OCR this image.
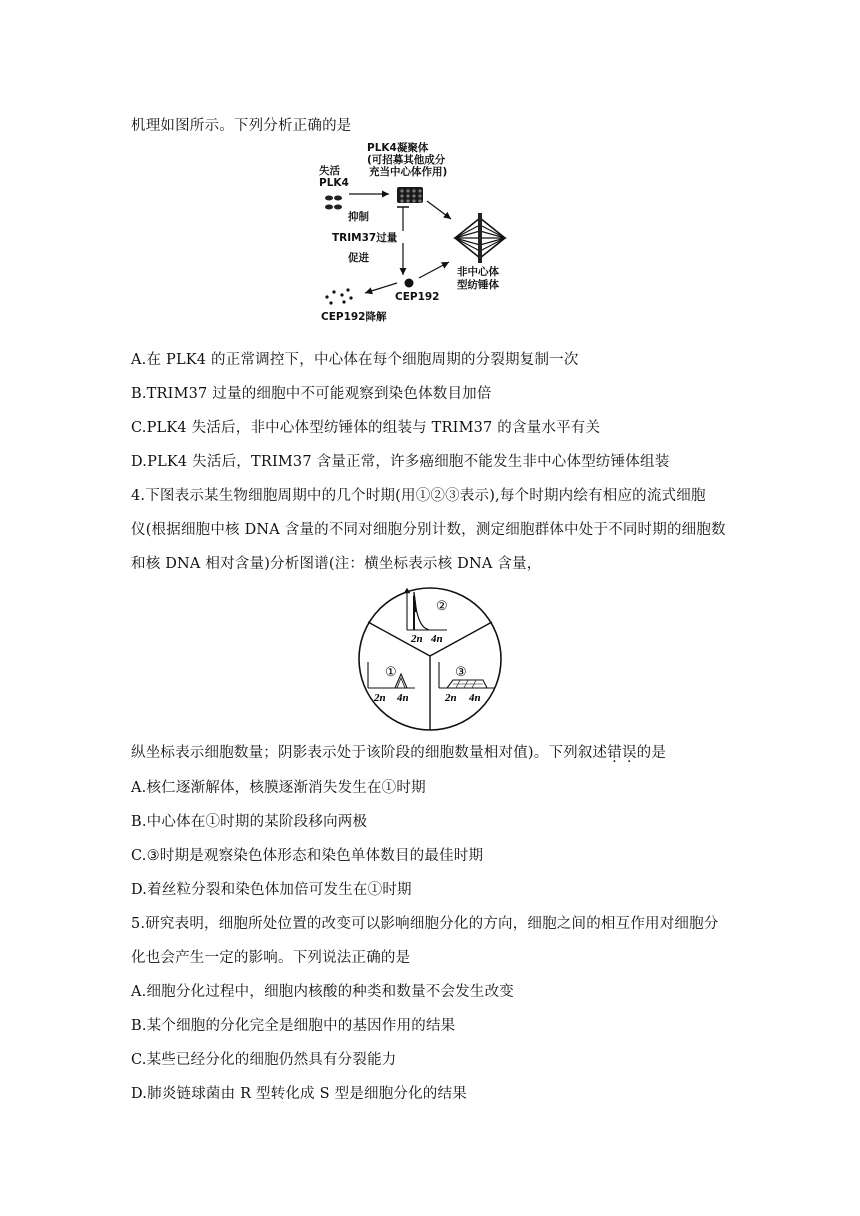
机理如图所示。下列分析正确的是
失活
PLK4
PLK4凝聚体
(可招募其他成分
充当中心体作用)
抑制
TRIM37过量
促进
非中心体
型纺锤体
CEP192
CEP192降解
A.在 PLK4 的正常调控下，中心体在每个细胞周期的分裂期复制一次
B.TRIM37 过量的细胞中不可能观察到染色体数目加倍
C.PLK4 失活后，非中心体型纺锤体的组装与 TRIM37 的含量水平有关
D.PLK4 失活后，TRIM37 含量正常，许多癌细胞不能发生非中心体型纺锤体组装
4.下图表示某生物细胞周期中的几个时期(用①②③表示),每个时期内绘有相应的流式细胞
仪(根据细胞中核 DNA 含量的不同对细胞分别计数，测定细胞群体中处于不同时期的细胞数
和核 DNA 相对含量)分析图谱(注：横坐标表示核 DNA 含量，
②
①	③
2n 4n
2n 4n	2n 4n
纵坐标表示细胞数量；阴影表示处于该阶段的细胞数量相对值)。下列叙述错误的是
A.核仁逐渐解体，核膜逐渐消失发生在①时期
B.中心体在①时期的某阶段移向两极
C.③时期是观察染色体形态和染色单体数目的最佳时期
D.着丝粒分裂和染色体加倍可发生在①时期
5.研究表明，细胞所处位置的改变可以影响细胞分化的方向，细胞之间的相互作用对细胞分
化也会产生一定的影响。下列说法正确的是
A.细胞分化过程中，细胞内核酸的种类和数量不会发生改变
B.某个细胞的分化完全是细胞中的基因作用的结果
C.某些已经分化的细胞仍然具有分裂能力
D.肺炎链球菌由 R 型转化成 S 型是细胞分化的结果
